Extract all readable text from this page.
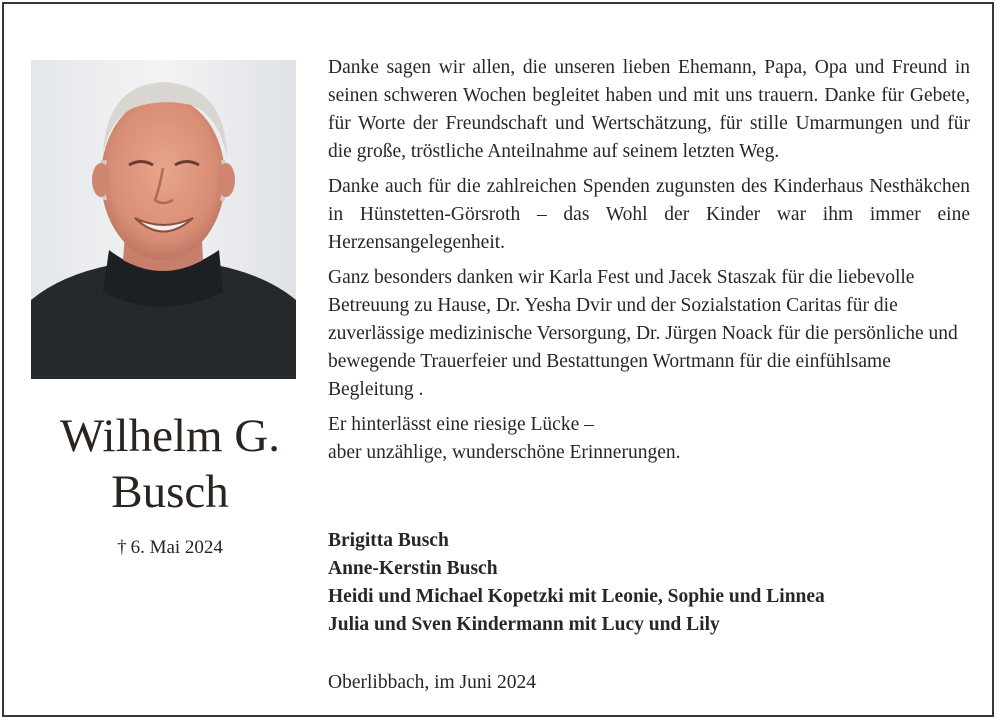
Wilhelm G.
Busch
† 6. Mai 2024

Danke sagen wir allen, die unseren lieben Ehemann, Papa, Opa und Freund in seinen schweren Wochen begleitet haben und mit uns trauern. Danke für Gebete, für Worte der Freundschaft und Wertschätzung, für stille Umarmungen und für die große, tröstliche Anteilnahme auf seinem letzten Weg.

Danke auch für die zahlreichen Spenden zugunsten des Kinderhaus Nesthäkchen in Hünstetten-Görsroth – das Wohl der Kinder war ihm immer eine Herzensangelegenheit.

Ganz besonders danken wir Karla Fest und Jacek Staszak für die liebevolle Betreuung zu Hause, Dr. Yesha Dvir und der Sozialstation Caritas für die zuverlässige medizinische Versorgung, Dr. Jürgen Noack für die persönliche und bewegende Trauerfeier und Bestattungen Wortmann für die einfühlsame Begleitung .

Er hinterlässt eine riesige Lücke –
aber unzählige, wunderschöne Erinnerungen.
Brigitta Busch
Anne-Kerstin Busch
Heidi und Michael Kopetzki mit Leonie, Sophie und Linnea
Julia und Sven Kindermann mit Lucy und Lily
Oberlibbach, im Juni 2024
